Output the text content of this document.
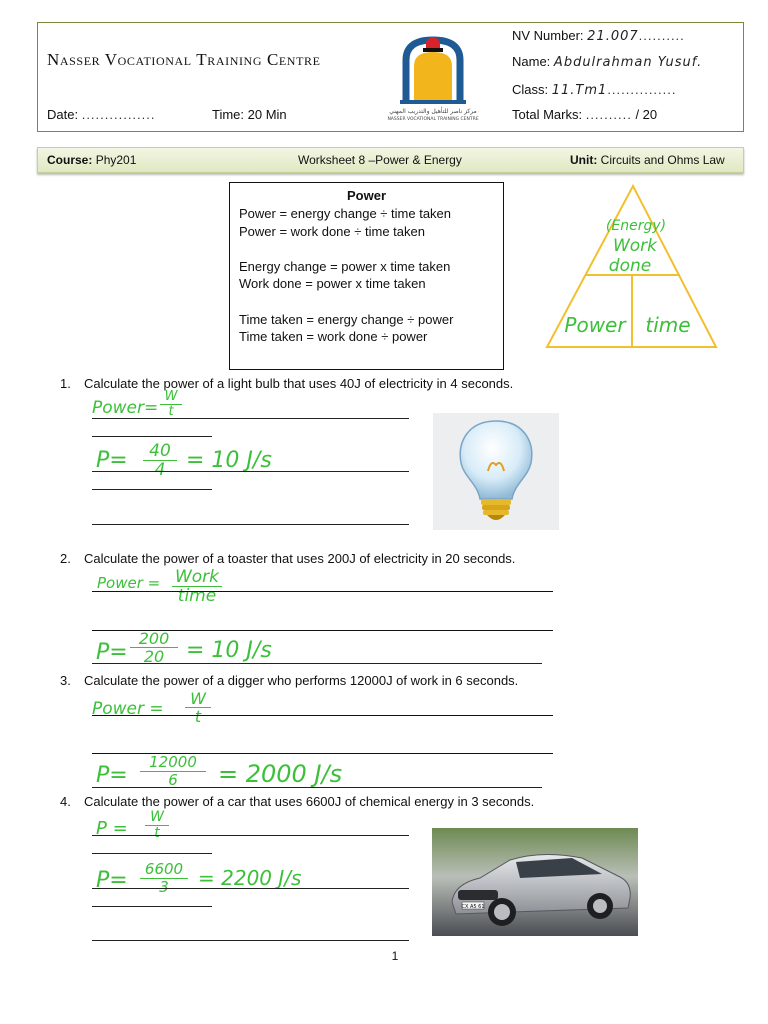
Nasser Vocational Training Centre
Date: ................	Time: 20 Min
NV Number: 21.007..........
Name: Abdulrahman Yusuf.
Class: 11.Tm1...............
Total Marks: .......... / 20
مركز ناصر للتأهيل والتدريب المهني
NASSER VOCATIONAL TRAINING CENTRE
Course: Phy201	Worksheet 8 –Power & Energy	Unit: Circuits and Ohms Law
Power
Power = energy change ÷ time taken
Power = work done ÷ time taken
Energy change = power x time taken
Work done = power x time taken
Time taken = energy change ÷ power
Time taken = work done ÷ power
(Energy)
Work
done
Power time
1. Calculate the power of a light bulb that uses 40J of electricity in 4 seconds.
Power=
W
t
P=	40
4 = 10 J/s
2. Calculate the power of a toaster that uses 200J of electricity in 20 seconds.
Power = Work
time
P=
200
20 = 10 J/s
3. Calculate the power of a digger who performs 12000J of work in 6 seconds.
Power =
W
t
P=
12000
6	= 2000 J/s
4. Calculate the power of a car that uses 6600J of chemical energy in 3 seconds.
P =
W
t
P=	6600
3	= 2200 J/s
CX A5 61
1
